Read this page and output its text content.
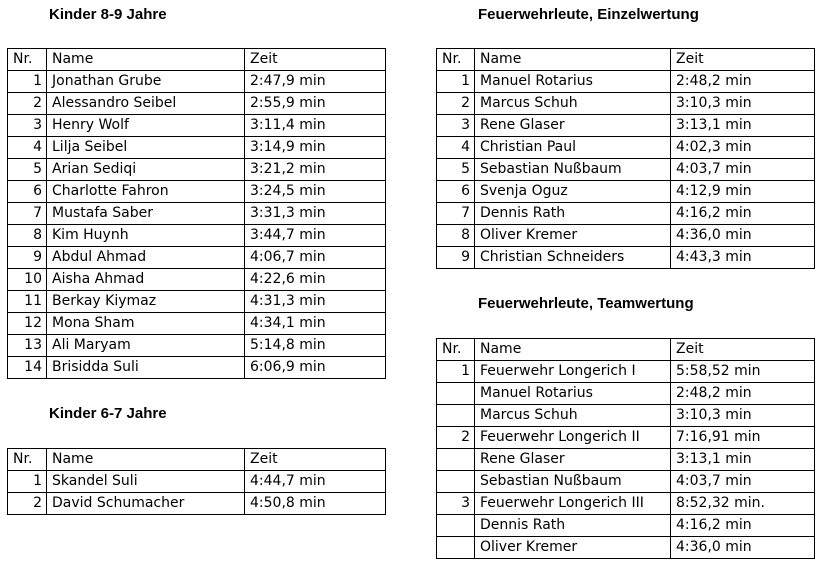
Kinder 8-9 Jahre
Nr.	Name	Zeit
1	Jonathan Grube	2:47,9 min
2	Alessandro Seibel	2:55,9 min
3	Henry Wolf	3:11,4 min
4	Lilja Seibel	3:14,9 min
5	Arian Sediqi	3:21,2 min
6	Charlotte Fahron	3:24,5 min
7	Mustafa Saber	3:31,3 min
8	Kim Huynh	3:44,7 min
9	Abdul Ahmad	4:06,7 min
10	Aisha Ahmad	4:22,6 min
11	Berkay Kiymaz	4:31,3 min
12	Mona Sham	4:34,1 min
13	Ali Maryam	5:14,8 min
14	Brisidda Suli	6:06,9 min
Kinder 6-7 Jahre
Nr.	Name	Zeit
1	Skandel Suli	4:44,7 min
2	David Schumacher	4:50,8 min
Feuerwehrleute, Einzelwertung
Nr.	Name	Zeit
1	Manuel Rotarius	2:48,2 min
2	Marcus Schuh	3:10,3 min
3	Rene Glaser	3:13,1 min
4	Christian Paul	4:02,3 min
5	Sebastian Nußbaum	4:03,7 min
6	Svenja Oguz	4:12,9 min
7	Dennis Rath	4:16,2 min
8	Oliver Kremer	4:36,0 min
9	Christian Schneiders	4:43,3 min
Feuerwehrleute, Teamwertung
Nr.	Name	Zeit
1	Feuerwehr Longerich I	5:58,52 min
	Manuel Rotarius	2:48,2 min
	Marcus Schuh	3:10,3 min
2	Feuerwehr Longerich II	7:16,91 min
	Rene Glaser	3:13,1 min
	Sebastian Nußbaum	4:03,7 min
3	Feuerwehr Longerich III	8:52,32 min.
	Dennis Rath	4:16,2 min
	Oliver Kremer	4:36,0 min
